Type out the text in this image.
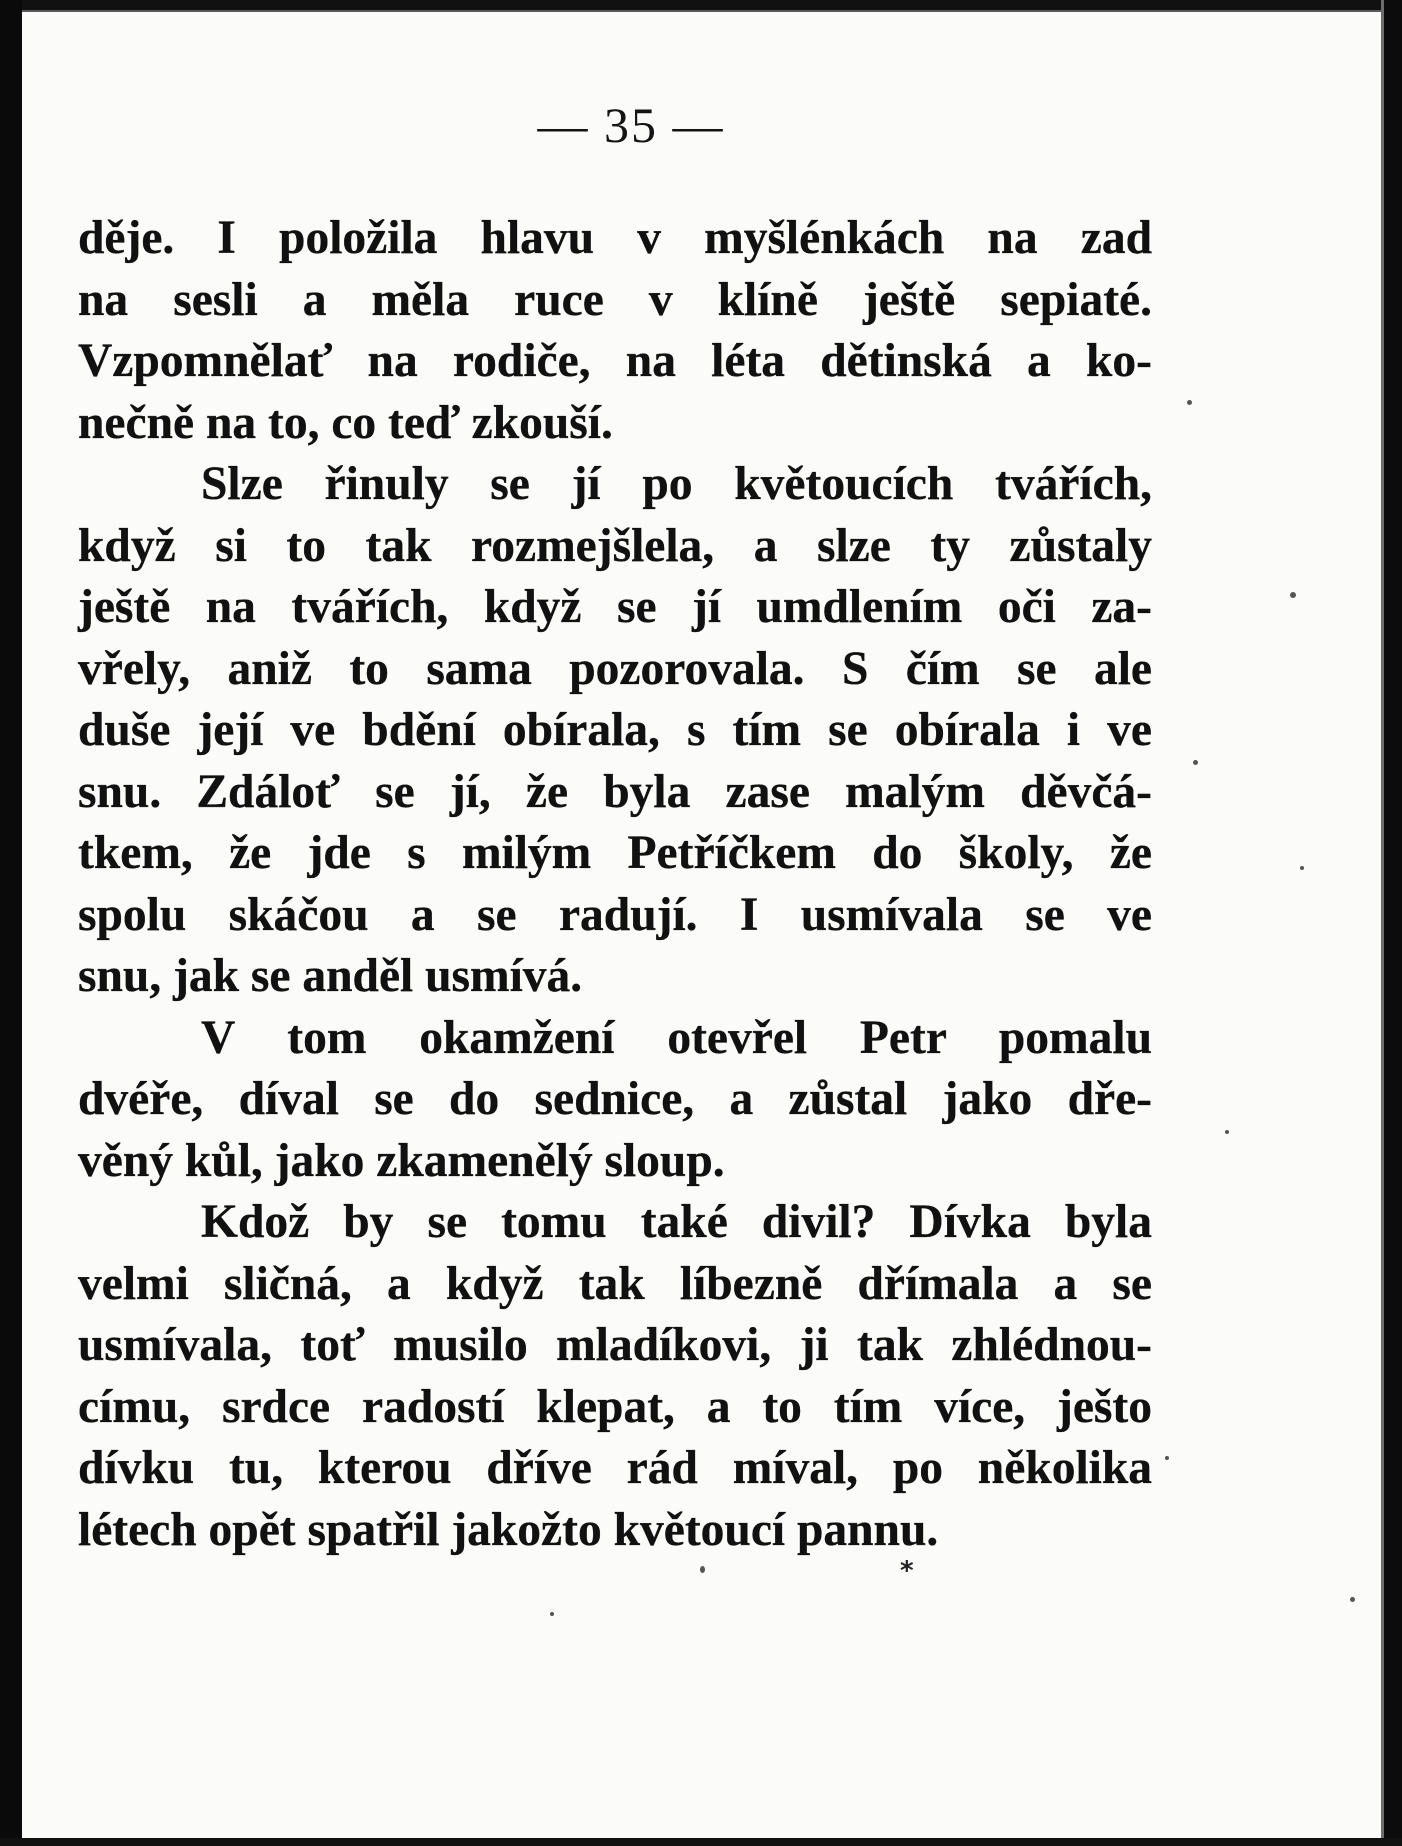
— 35 —
děje. I položila hlavu v myšlénkách na zad
na sesli a měla ruce v klíně ještě sepiaté.
Vzpomnělať na rodiče, na léta dětinská a ko-
nečně na to, co teď zkouší.
Slze řinuly se jí po květoucích tvářích,
když si to tak rozmejšlela, a slze ty zůstaly
ještě na tvářích, když se jí umdlením oči za-
vřely, aniž to sama pozorovala. S čím se ale
duše její ve bdění obírala, s tím se obírala i ve
snu. Zdáloť se jí, že byla zase malým děvčá-
tkem, že jde s milým Petříčkem do školy, že
spolu skáčou a se radují. I usmívala se ve
snu, jak se anděl usmívá.
V tom okamžení otevřel Petr pomalu
dvéře, díval se do sednice, a zůstal jako dře-
věný kůl, jako zkamenělý sloup.
Kdož by se tomu také divil? Dívka byla
velmi sličná, a když tak líbezně dřímala a se
usmívala, toť musilo mladíkovi, ji tak zhlédnou-
címu, srdce radostí klepat, a to tím více, ješto
dívku tu, kterou dříve rád míval, po několika
létech opět spatřil jakožto květoucí pannu.
*
